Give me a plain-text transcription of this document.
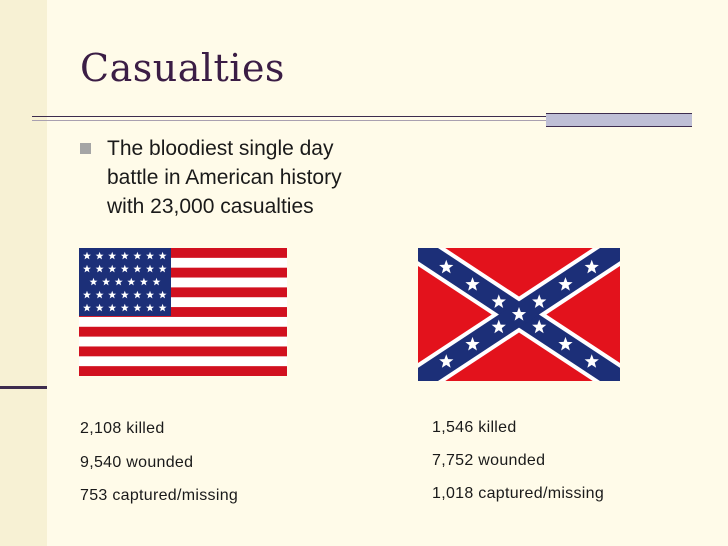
Casualties
The bloodiest single day battle in American history with 23,000 casualties
2,108 killed
9,540 wounded
753 captured/missing
1,546 killed
7,752 wounded
1,018 captured/missing
